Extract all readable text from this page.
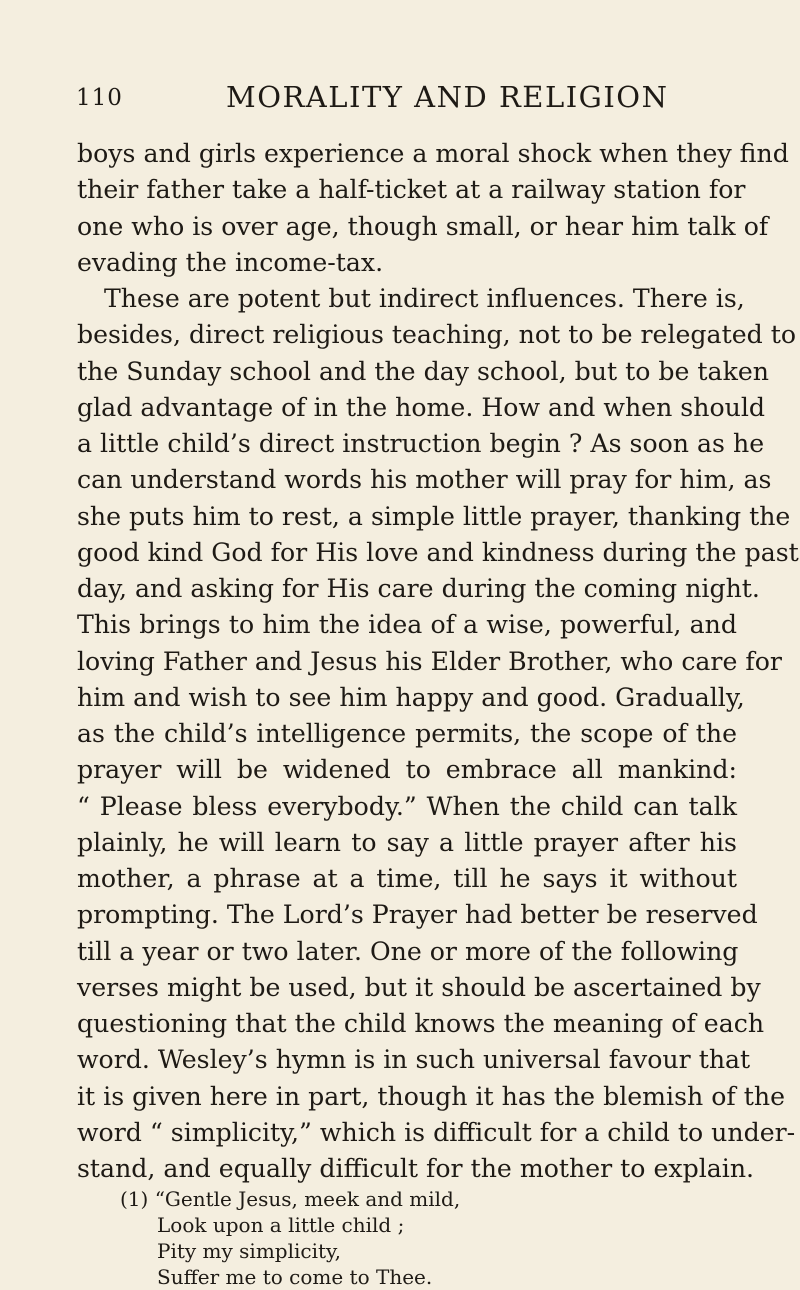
110	MORALITY AND RELIGION
boys and girls experience a moral shock when they find
their father take a half-ticket at a railway station for
one who is over age, though small, or hear him talk of
evading the income-tax.
These are potent but indirect influences. There is,
besides, direct religious teaching, not to be relegated to
the Sunday school and the day school, but to be taken
glad advantage of in the home. How and when should
a little child’s direct instruction begin ? As soon as he
can understand words his mother will pray for him, as
she puts him to rest, a simple little prayer, thanking the
good kind God for His love and kindness during the past
day, and asking for His care during the coming night.
This brings to him the idea of a wise, powerful, and
loving Father and Jesus his Elder Brother, who care for
him and wish to see him happy and good. Gradually,
as the child’s intelligence permits, the scope of the
prayer will be widened to embrace all mankind:
“ Please bless everybody.” When the child can talk
plainly, he will learn to say a little prayer after his
mother, a phrase at a time, till he says it without
prompting. The Lord’s Prayer had better be reserved
till a year or two later. One or more of the following
verses might be used, but it should be ascertained by
questioning that the child knows the meaning of each
word. Wesley’s hymn is in such universal favour that
it is given here in part, though it has the blemish of the
word “ simplicity,” which is difficult for a child to under-
stand, and equally difficult for the mother to explain.
(1) “Gentle Jesus, meek and mild,
Look upon a little child ;
Pity my simplicity,
Suffer me to come to Thee.
